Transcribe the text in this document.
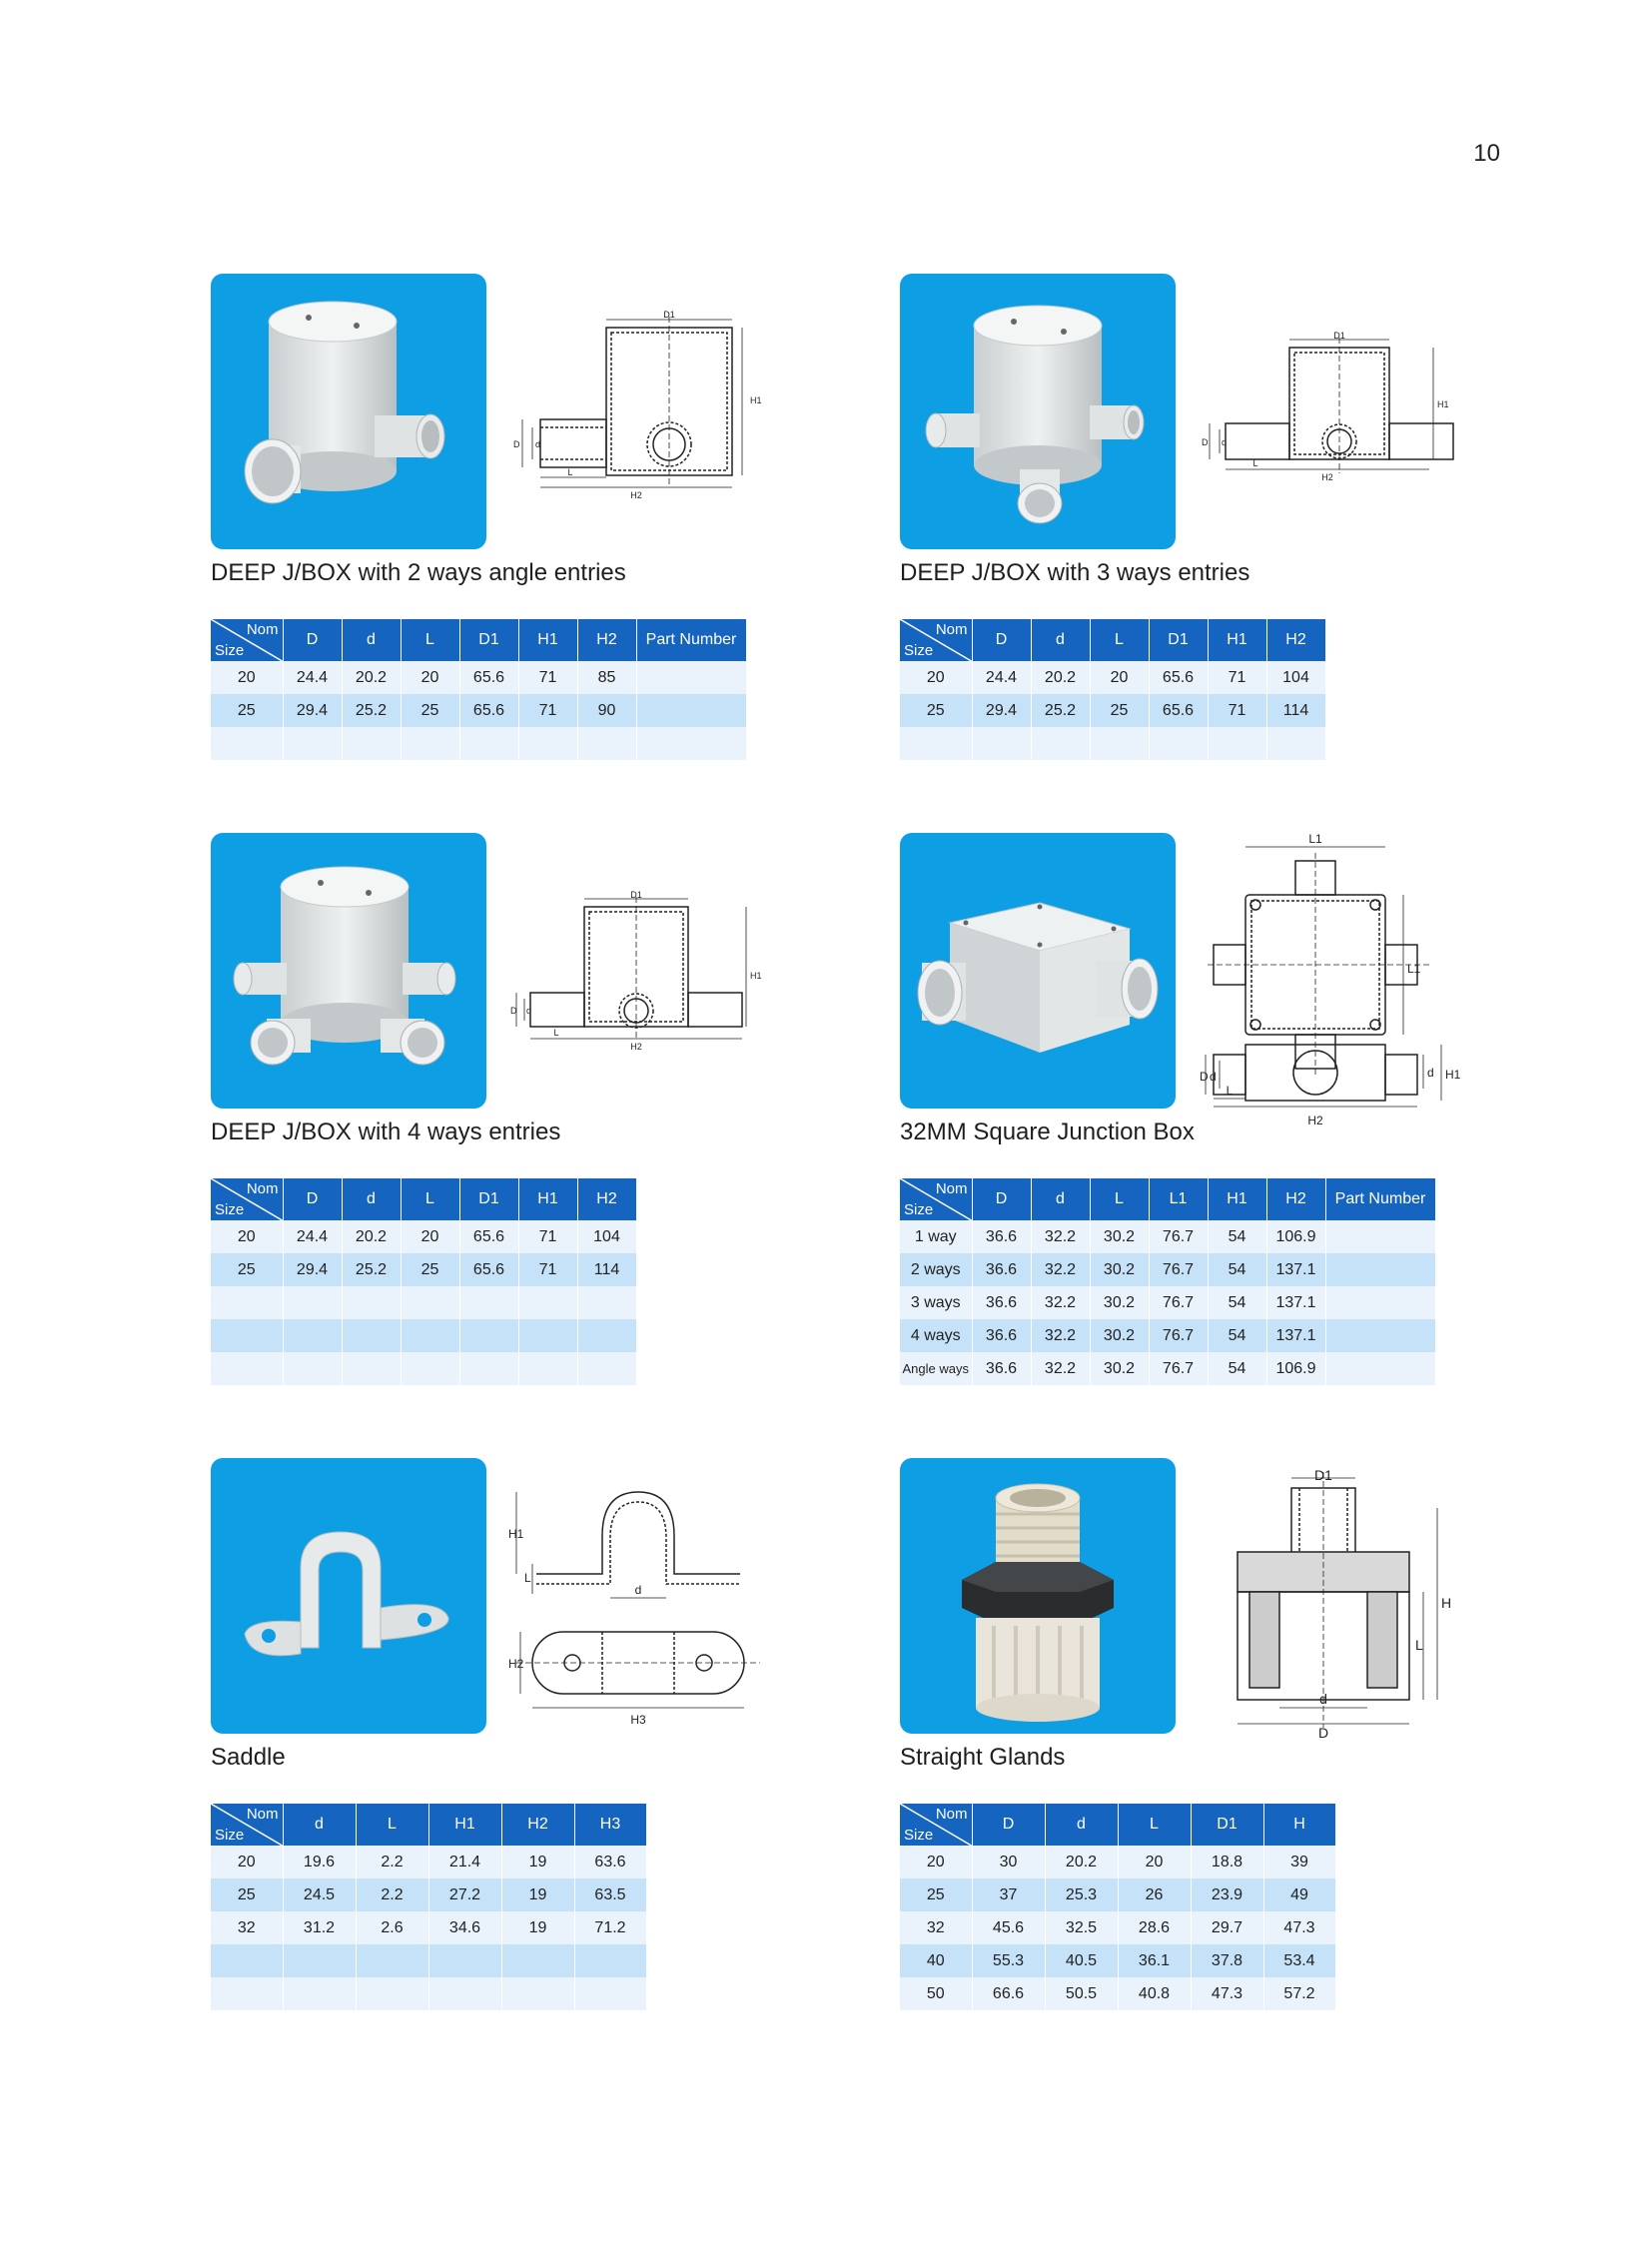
10
D1
H1
H2
D d
L
DEEP J/BOX with 2 ways angle entries
Nom
Size	D	d	L	D1	H1	H2	Part Number
20	24.4	20.2	20	65.6	71	85	
25	29.4	25.2	25	65.6	71	90	

D1
H1
H2
D d
L
DEEP J/BOX with 3 ways entries
Nom
Size	D	d	L	D1	H1	H2
20	24.4	20.2	20	65.6	71	104
25	29.4	25.2	25	65.6	71	114

D1
H1
H2
D d
L
DEEP J/BOX with 4 ways entries
Nom
Size	D	d	L	D1	H1	H2
20	24.4	20.2	20	65.6	71	104
25	29.4	25.2	25	65.6	71	114

L1
L1
H1
H2
D d	d
L
32MM Square Junction Box
Nom
Size	D	d	L	L1	H1	H2	Part Number
1 way	36.6	32.2	30.2	76.7	54	106.9	
2 ways	36.6	32.2	30.2	76.7	54	137.1	
3 ways	36.6	32.2	30.2	76.7	54	137.1	
4 ways	36.6	32.2	30.2	76.7	54	137.1	
Angle ways	36.6	32.2	30.2	76.7	54	106.9	
H1
L
d
H2
H3
Saddle
Nom
Size	d	L	H1	H2	H3
20	19.6	2.2	21.4	19	63.6
25	24.5	2.2	27.2	19	63.5
32	31.2	2.6	34.6	19	71.2

D1
H
L
d
D
Straight Glands
Nom
Size	D	d	L	D1	H
20	30	20.2	20	18.8	39
25	37	25.3	26	23.9	49
32	45.6	32.5	28.6	29.7	47.3
40	55.3	40.5	36.1	37.8	53.4
50	66.6	50.5	40.8	47.3	57.2
